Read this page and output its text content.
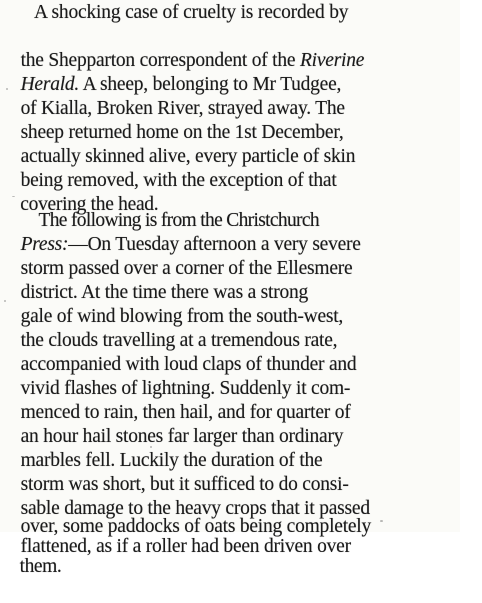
A shocking case of cruelty is recorded by

the Shepparton correspondent of the Riverine

Herald. A sheep, belonging to Mr Tudgee,

of Kialla, Broken River, strayed away. The

sheep returned home on the 1st December,

actually skinned alive, every particle of skin

being removed, with the exception of that

covering the head.

The following is from the Christchurch

Press:—On Tuesday afternoon a very severe

storm passed over a corner of the Ellesmere

district. At the time there was a strong

gale of wind blowing from the south-west,

the clouds travelling at a tremendous rate,

accompanied with loud claps of thunder and

vivid flashes of lightning. Suddenly it com-

menced to rain, then hail, and for quarter of

an hour hail stones far larger than ordinary

marbles fell. Luckily the duration of the

storm was short, but it sufficed to do consi-

sable damage to the heavy crops that it passed

over, some paddocks of oats being completely

flattened, as if a roller had been driven over

them.
